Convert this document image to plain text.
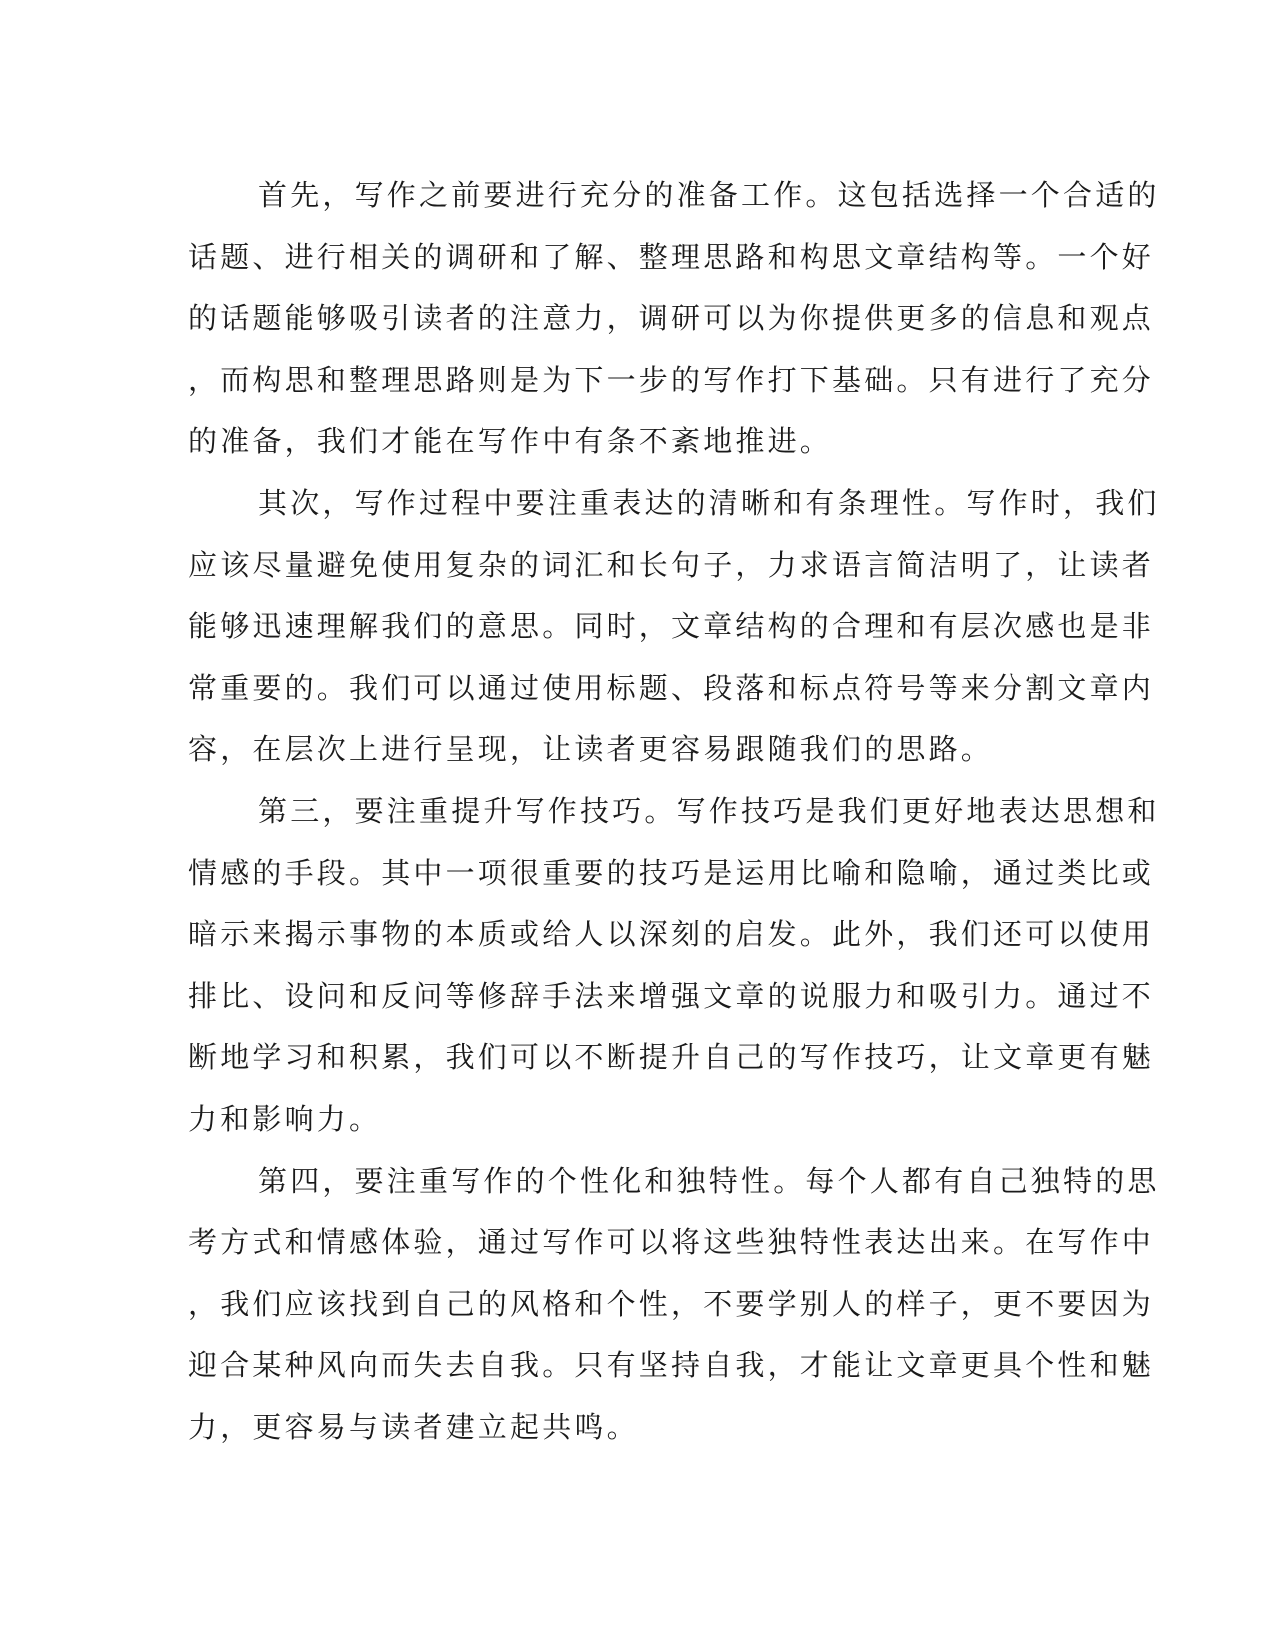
首先，写作之前要进行充分的准备工作。这包括选择一个合适的
话题、进行相关的调研和了解、整理思路和构思文章结构等。一个好
的话题能够吸引读者的注意力，调研可以为你提供更多的信息和观点
，而构思和整理思路则是为下一步的写作打下基础。只有进行了充分
的准备，我们才能在写作中有条不紊地推进。
其次，写作过程中要注重表达的清晰和有条理性。写作时，我们
应该尽量避免使用复杂的词汇和长句子，力求语言简洁明了，让读者
能够迅速理解我们的意思。同时，文章结构的合理和有层次感也是非
常重要的。我们可以通过使用标题、段落和标点符号等来分割文章内
容，在层次上进行呈现，让读者更容易跟随我们的思路。
第三，要注重提升写作技巧。写作技巧是我们更好地表达思想和
情感的手段。其中一项很重要的技巧是运用比喻和隐喻，通过类比或
暗示来揭示事物的本质或给人以深刻的启发。此外，我们还可以使用
排比、设问和反问等修辞手法来增强文章的说服力和吸引力。通过不
断地学习和积累，我们可以不断提升自己的写作技巧，让文章更有魅
力和影响力。
第四，要注重写作的个性化和独特性。每个人都有自己独特的思
考方式和情感体验，通过写作可以将这些独特性表达出来。在写作中
，我们应该找到自己的风格和个性，不要学别人的样子，更不要因为
迎合某种风向而失去自我。只有坚持自我，才能让文章更具个性和魅
力，更容易与读者建立起共鸣。
